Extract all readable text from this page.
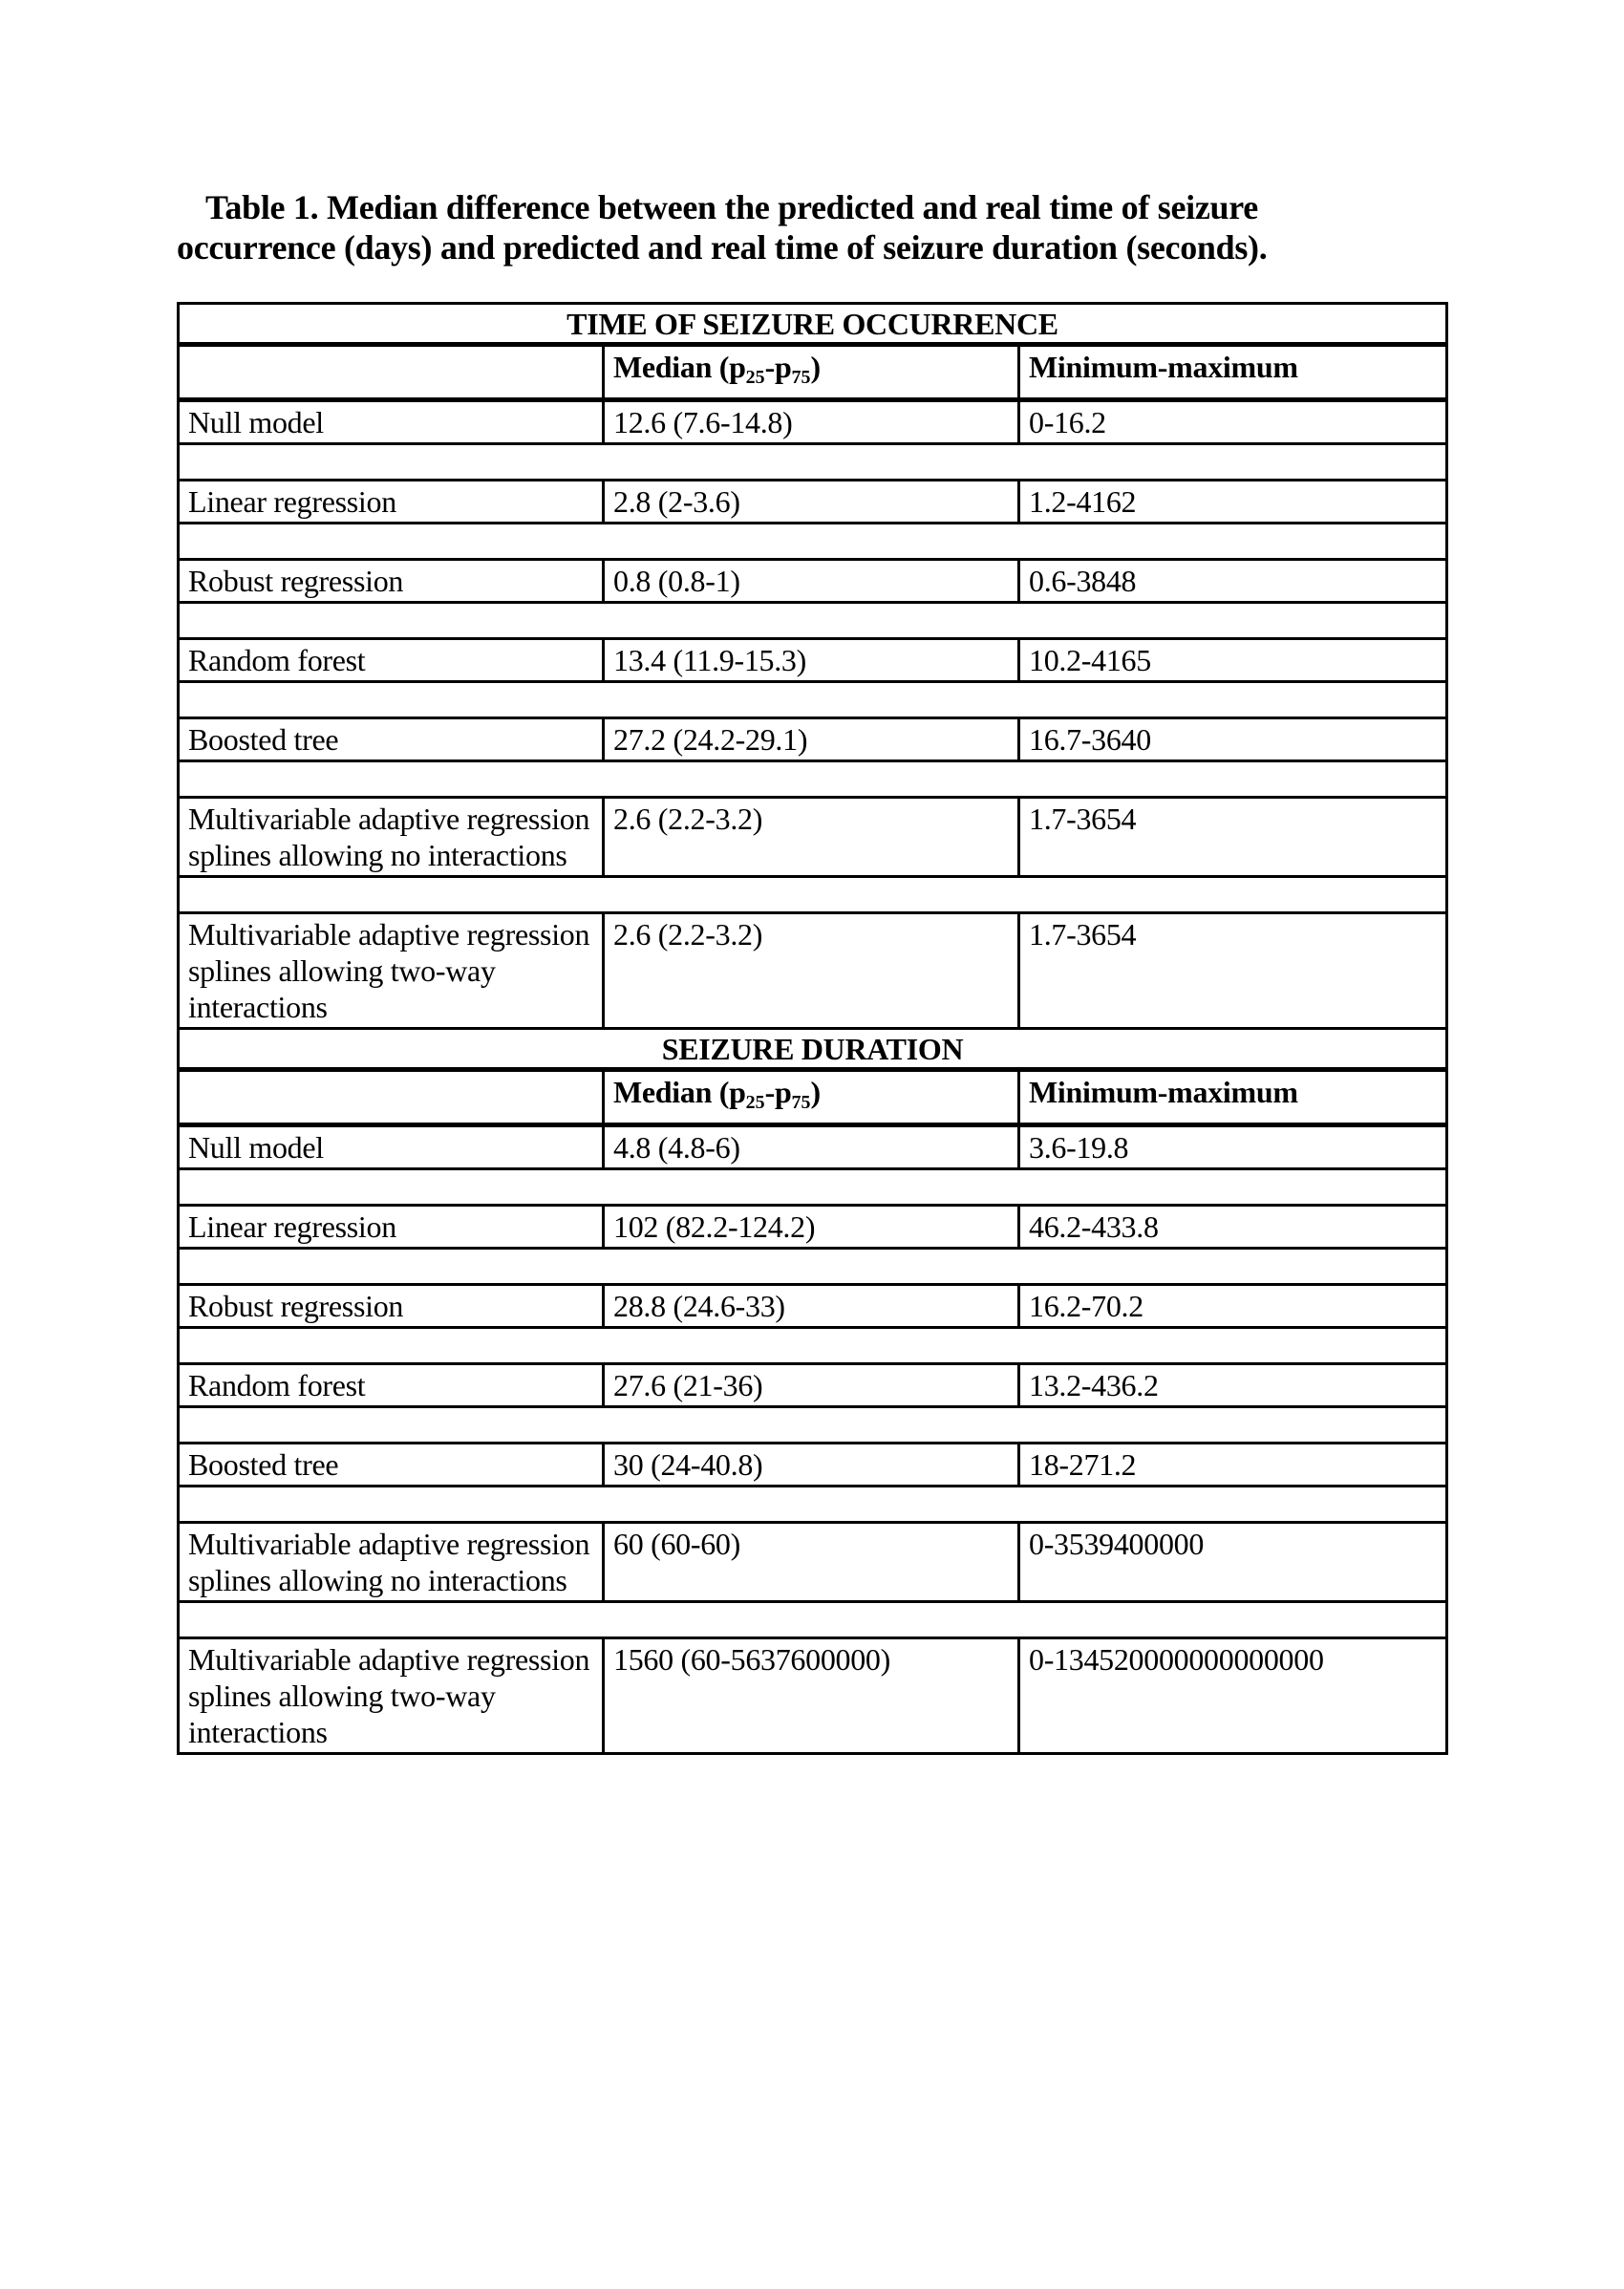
Table 1. Median difference between the predicted and real time of seizure
occurrence (days) and predicted and real time of seizure duration (seconds).
TIME OF SEIZURE OCCURRENCE		
	Median $(p_{25}-p_{75})$	Minimum-maximum
Null model	12.6 (7.6-14.8)	0-16.2

Linear regression	2.8 (2-3.6)	1.2-4162

Robust regression	0.8 (0.8-1)	0.6-3848

Random forest	13.4 (11.9-15.3)	10.2-4165

Boosted tree	27.2 (24.2-29.1)	16.7-3640

Multivariable adaptive regression splines allowing no interactions	2.6 (2.2-3.2)	1.7-3654

Multivariable adaptive regression splines allowing two-way interactions	2.6 (2.2-3.2)	1.7-3654
SEIZURE DURATION		
	Median $(p_{25}-p_{75})$	Minimum-maximum
Null model	4.8 (4.8-6)	3.6-19.8

Linear regression	102 (82.2-124.2)	46.2-433.8

Robust regression	28.8 (24.6-33)	16.2-70.2

Random forest	27.6 (21-36)	13.2-436.2

Boosted tree	30 (24-40.8)	18-271.2

Multivariable adaptive regression splines allowing no interactions	60 (60-60)	0-3539400000

Multivariable adaptive regression splines allowing two-way interactions	1560 (60-5637600000)	0-134520000000000000
